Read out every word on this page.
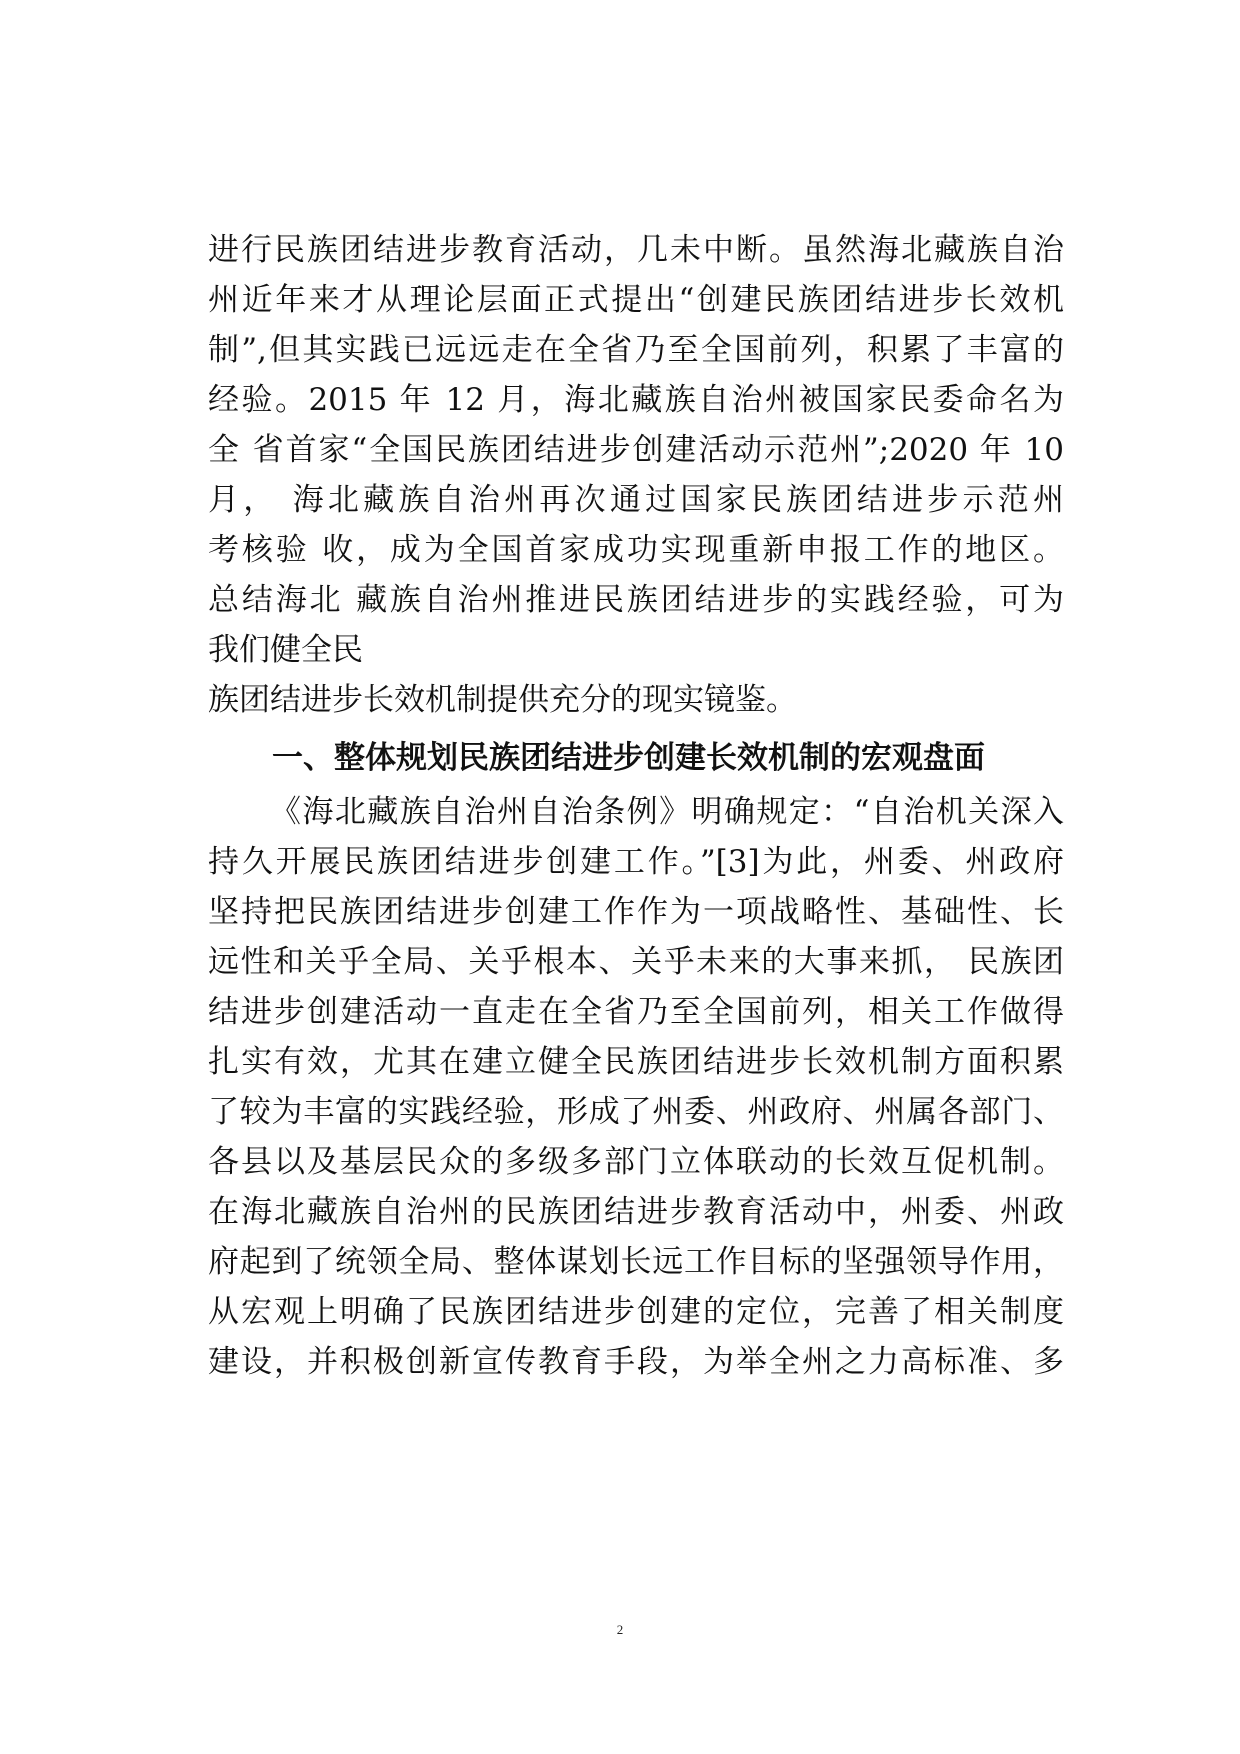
进行民族团结进步教育活动，几未中断。虽然海北藏族自治
州近年来才从理论层面正式提出“创建民族团结进步长效机
制”,但其实践已远远走在全省乃至全国前列，积累了丰富的
经验。2015 年 12 月，海北藏族自治州被国家民委命名为
全 省首家“全国民族团结进步创建活动示范州”;2020 年 10
月， 海北藏族自治州再次通过国家民族团结进步示范州
考核验 收，成为全国首家成功实现重新申报工作的地区。
总结海北 藏族自治州推进民族团结进步的实践经验，可为
我们健全民
族团结进步长效机制提供充分的现实镜鉴。
一、整体规划民族团结进步创建长效机制的宏观盘面
《海北藏族自治州自治条例》明确规定：“自治机关深入
持久开展民族团结进步创建工作。”[3]为此，州委、州政府
坚持把民族团结进步创建工作作为一项战略性、基础性、长
远性和关乎全局、关乎根本、关乎未来的大事来抓， 民族团
结进步创建活动一直走在全省乃至全国前列，相关工作做得
扎实有效，尤其在建立健全民族团结进步长效机制方面积累
了较为丰富的实践经验，形成了州委、州政府、州属各部门、
各县以及基层民众的多级多部门立体联动的长效互促机制。
在海北藏族自治州的民族团结进步教育活动中，州委、州政
府起到了统领全局、整体谋划长远工作目标的坚强领导作用，
从宏观上明确了民族团结进步创建的定位，完善了相关制度
建设，并积极创新宣传教育手段，为举全州之力高标准、多
2
